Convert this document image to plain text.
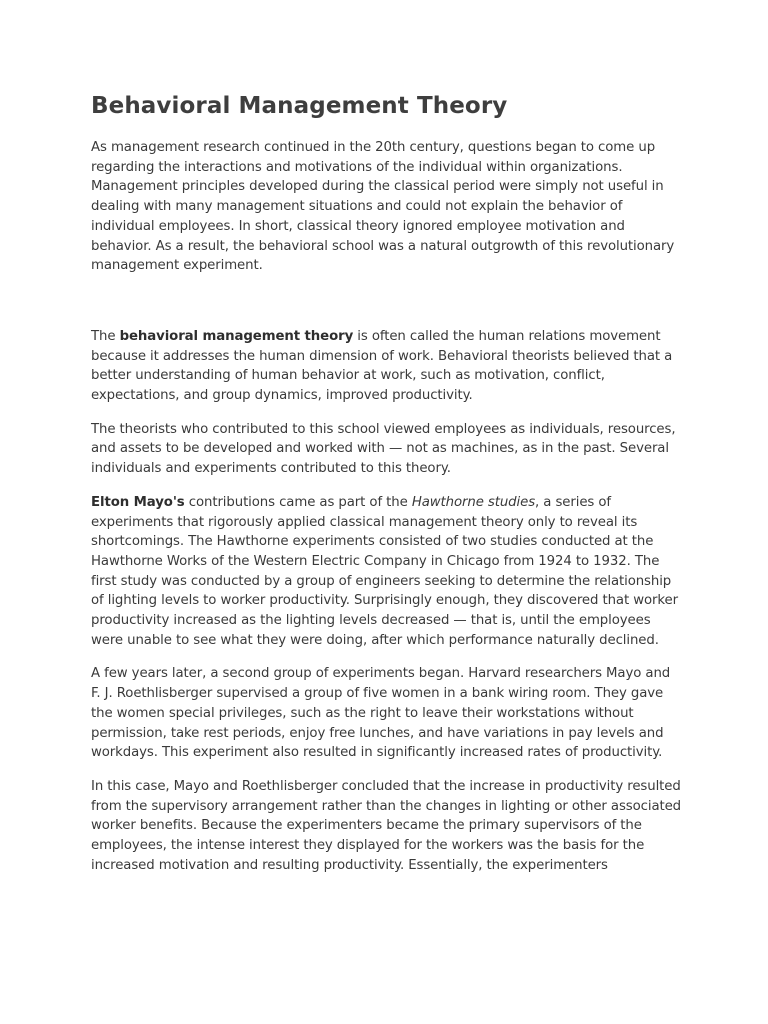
Behavioral Management Theory

As management research continued in the 20th century, questions began to come up regarding the interactions and motivations of the individual within organizations. Management principles developed during the classical period were simply not useful in dealing with many management situations and could not explain the behavior of individual employees. In short, classical theory ignored employee motivation and behavior. As a result, the behavioral school was a natural outgrowth of this revolutionary management experiment.

The behavioral management theory is often called the human relations movement because it addresses the human dimension of work. Behavioral theorists believed that a better understanding of human behavior at work, such as motivation, conflict, expectations, and group dynamics, improved productivity.

The theorists who contributed to this school viewed employees as individuals, resources, and assets to be developed and worked with — not as machines, as in the past. Several individuals and experiments contributed to this theory.

Elton Mayo's contributions came as part of the Hawthorne studies, a series of experiments that rigorously applied classical management theory only to reveal its shortcomings. The Hawthorne experiments consisted of two studies conducted at the Hawthorne Works of the Western Electric Company in Chicago from 1924 to 1932. The first study was conducted by a group of engineers seeking to determine the relationship of lighting levels to worker productivity. Surprisingly enough, they discovered that worker productivity increased as the lighting levels decreased — that is, until the employees were unable to see what they were doing, after which performance naturally declined.

A few years later, a second group of experiments began. Harvard researchers Mayo and F. J. Roethlisberger supervised a group of five women in a bank wiring room. They gave the women special privileges, such as the right to leave their workstations without permission, take rest periods, enjoy free lunches, and have variations in pay levels and workdays. This experiment also resulted in significantly increased rates of productivity.

In this case, Mayo and Roethlisberger concluded that the increase in productivity resulted from the supervisory arrangement rather than the changes in lighting or other associated worker benefits. Because the experimenters became the primary supervisors of the employees, the intense interest they displayed for the workers was the basis for the increased motivation and resulting productivity. Essentially, the experimenters
